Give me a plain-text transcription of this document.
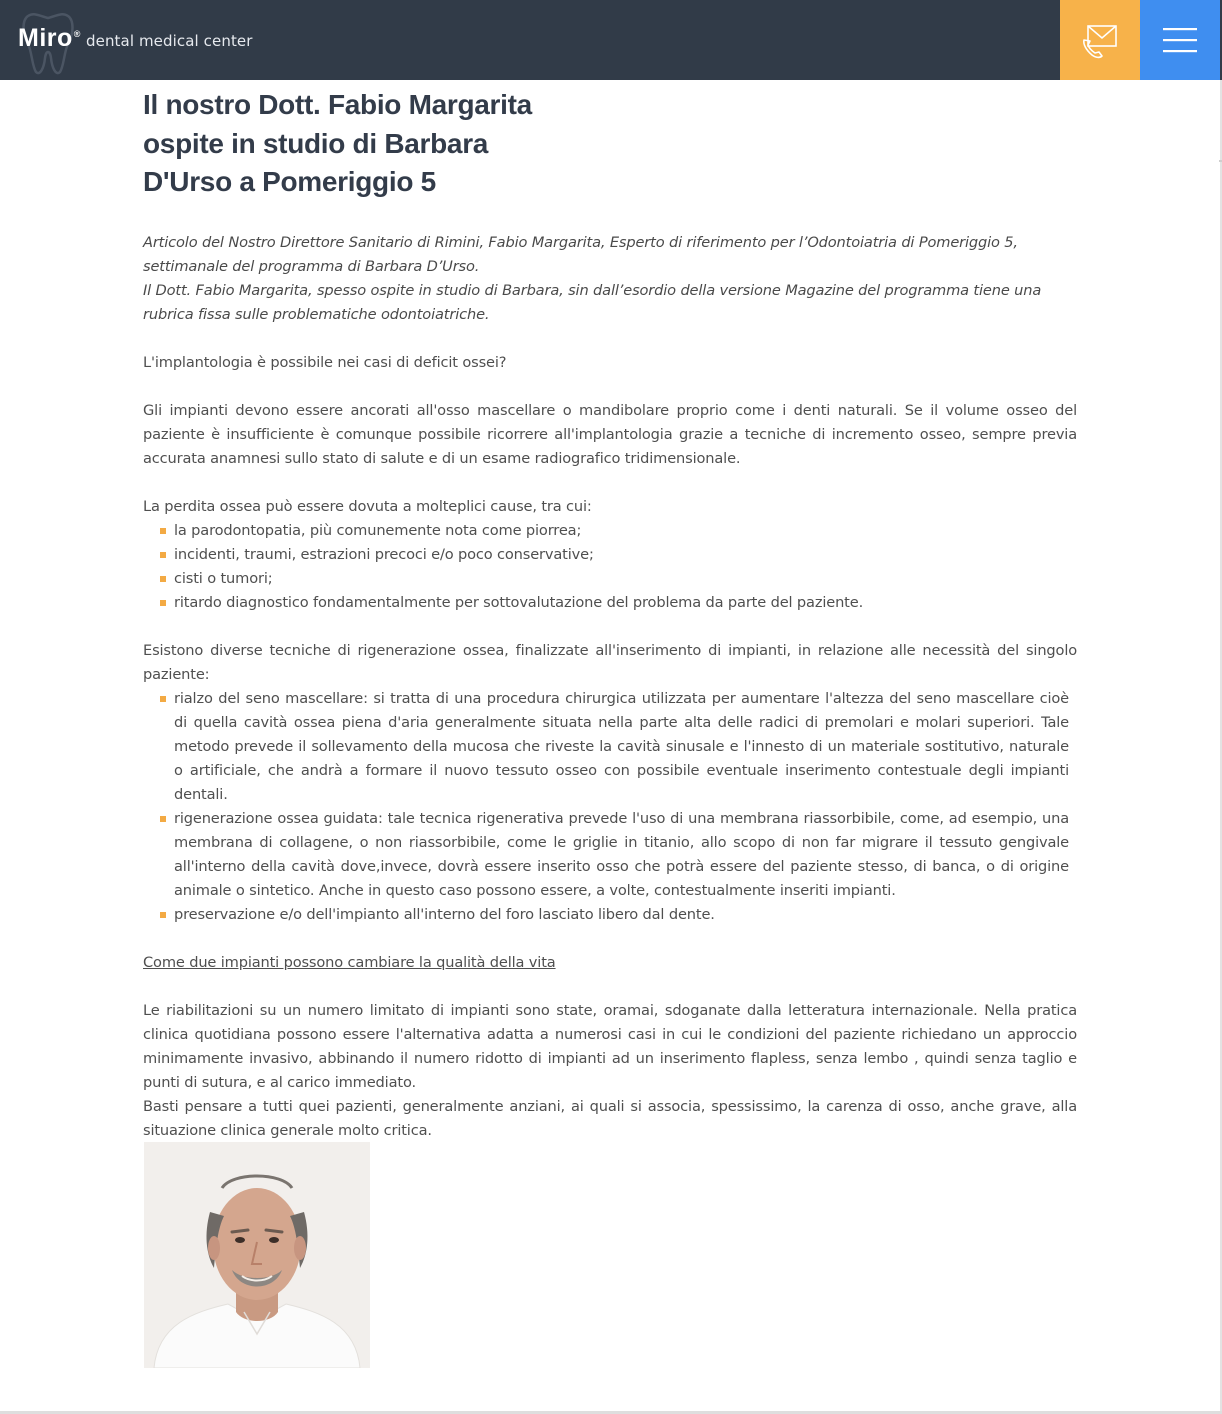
Miro® dental medical center
Il nostro Dott. Fabio Margarita
ospite in studio di Barbara
D'Urso a Pomeriggio 5

Articolo del Nostro Direttore Sanitario di Rimini, Fabio Margarita, Esperto di riferimento per l’Odontoiatria di Pomeriggio 5, settimanale del programma di Barbara D’Urso.

Il Dott. Fabio Margarita, spesso ospite in studio di Barbara, sin dall’esordio della versione Magazine del programma tiene una rubrica fissa sulle problematiche odontoiatriche.

L'implantologia è possibile nei casi di deficit ossei?

Gli impianti devono essere ancorati all'osso mascellare o mandibolare proprio come i denti naturali. Se il volume osseo del paziente è insufficiente è comunque possibile ricorrere all'implantologia grazie a tecniche di incremento osseo, sempre previa accurata anamnesi sullo stato di salute e di un esame radiografico tridimensionale.

La perdita ossea può essere dovuta a molteplici cause, tra cui:

la parodontopatia, più comunemente nota come piorrea;
incidenti, traumi, estrazioni precoci e/o poco conservative;
cisti o tumori;
ritardo diagnostico fondamentalmente per sottovalutazione del problema da parte del paziente.

Esistono diverse tecniche di rigenerazione ossea, finalizzate all'inserimento di impianti, in relazione alle necessità del singolo paziente:

rialzo del seno mascellare: si tratta di una procedura chirurgica utilizzata per aumentare l'altezza del seno mascellare cioè di quella cavità ossea piena d'aria generalmente situata nella parte alta delle radici di premolari e molari superiori. Tale metodo prevede il sollevamento della mucosa che riveste la cavità sinusale e l'innesto di un materiale sostitutivo, naturale o artificiale, che andrà a formare il nuovo tessuto osseo con possibile eventuale inserimento contestuale degli impianti dentali.
rigenerazione ossea guidata: tale tecnica rigenerativa prevede l'uso di una membrana riassorbibile, come, ad esempio, una membrana di collagene, o non riassorbibile, come le griglie in titanio, allo scopo di non far migrare il tessuto gengivale all'interno della cavità dove,invece, dovrà essere inserito osso che potrà essere del paziente stesso, di banca, o di origine animale o sintetico. Anche in questo caso possono essere, a volte, contestualmente inseriti impianti.
preservazione e/o dell'impianto all'interno del foro lasciato libero dal dente.
Come due impianti possono cambiare la qualità della vita

Le riabilitazioni su un numero limitato di impianti sono state, oramai, sdoganate dalla letteratura internazionale. Nella pratica clinica quotidiana possono essere l'alternativa adatta a numerosi casi in cui le condizioni del paziente richiedano un approccio minimamente invasivo, abbinando il numero ridotto di impianti ad un inserimento flapless, senza lembo , quindi senza taglio e punti di sutura, e al carico immediato.

Basti pensare a tutti quei pazienti, generalmente anziani, ai quali si associa, spessissimo, la carenza di osso, anche grave, alla situazione clinica generale molto critica.
